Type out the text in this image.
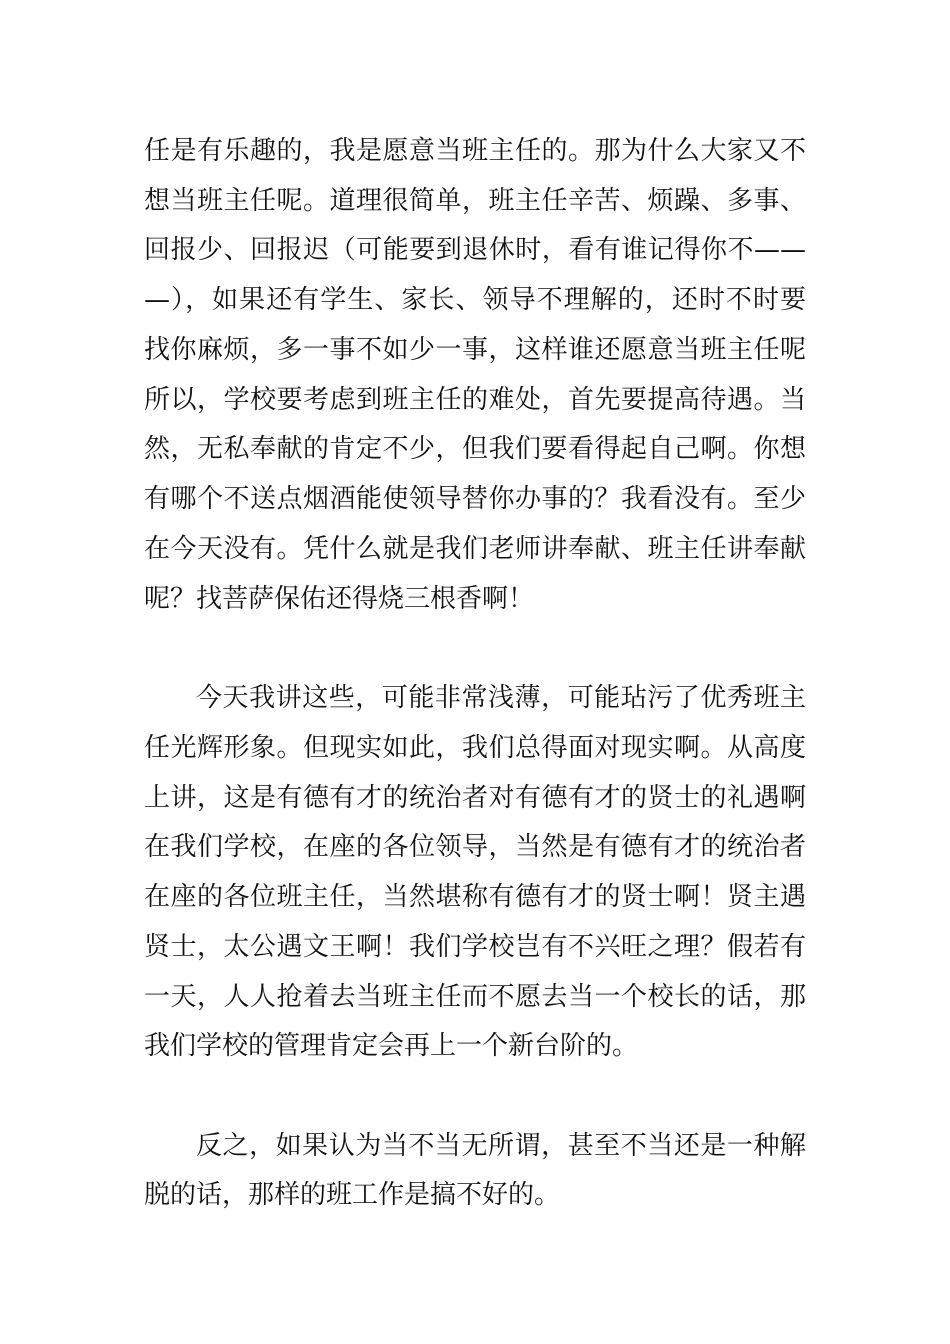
任是有乐趣的，我是愿意当班主任的。那为什么大家又不
想当班主任呢。道理很简单，班主任辛苦、烦躁、多事、
回报少、回报迟（可能要到退休时，看有谁记得你不——
—），如果还有学生、家长、领导不理解的，还时不时要
找你麻烦，多一事不如少一事，这样谁还愿意当班主任呢
所以，学校要考虑到班主任的难处，首先要提高待遇。当
然，无私奉献的肯定不少，但我们要看得起自己啊。你想
有哪个不送点烟酒能使领导替你办事的？我看没有。至少
在今天没有。凭什么就是我们老师讲奉献、班主任讲奉献
呢？找菩萨保佑还得烧三根香啊！
今天我讲这些，可能非常浅薄，可能玷污了优秀班主
任光辉形象。但现实如此，我们总得面对现实啊。从高度
上讲，这是有德有才的统治者对有德有才的贤士的礼遇啊
在我们学校，在座的各位领导，当然是有德有才的统治者
在座的各位班主任，当然堪称有德有才的贤士啊！贤主遇
贤士，太公遇文王啊！我们学校岂有不兴旺之理？假若有
一天，人人抢着去当班主任而不愿去当一个校长的话，那
我们学校的管理肯定会再上一个新台阶的。
反之，如果认为当不当无所谓，甚至不当还是一种解
脱的话，那样的班工作是搞不好的。
